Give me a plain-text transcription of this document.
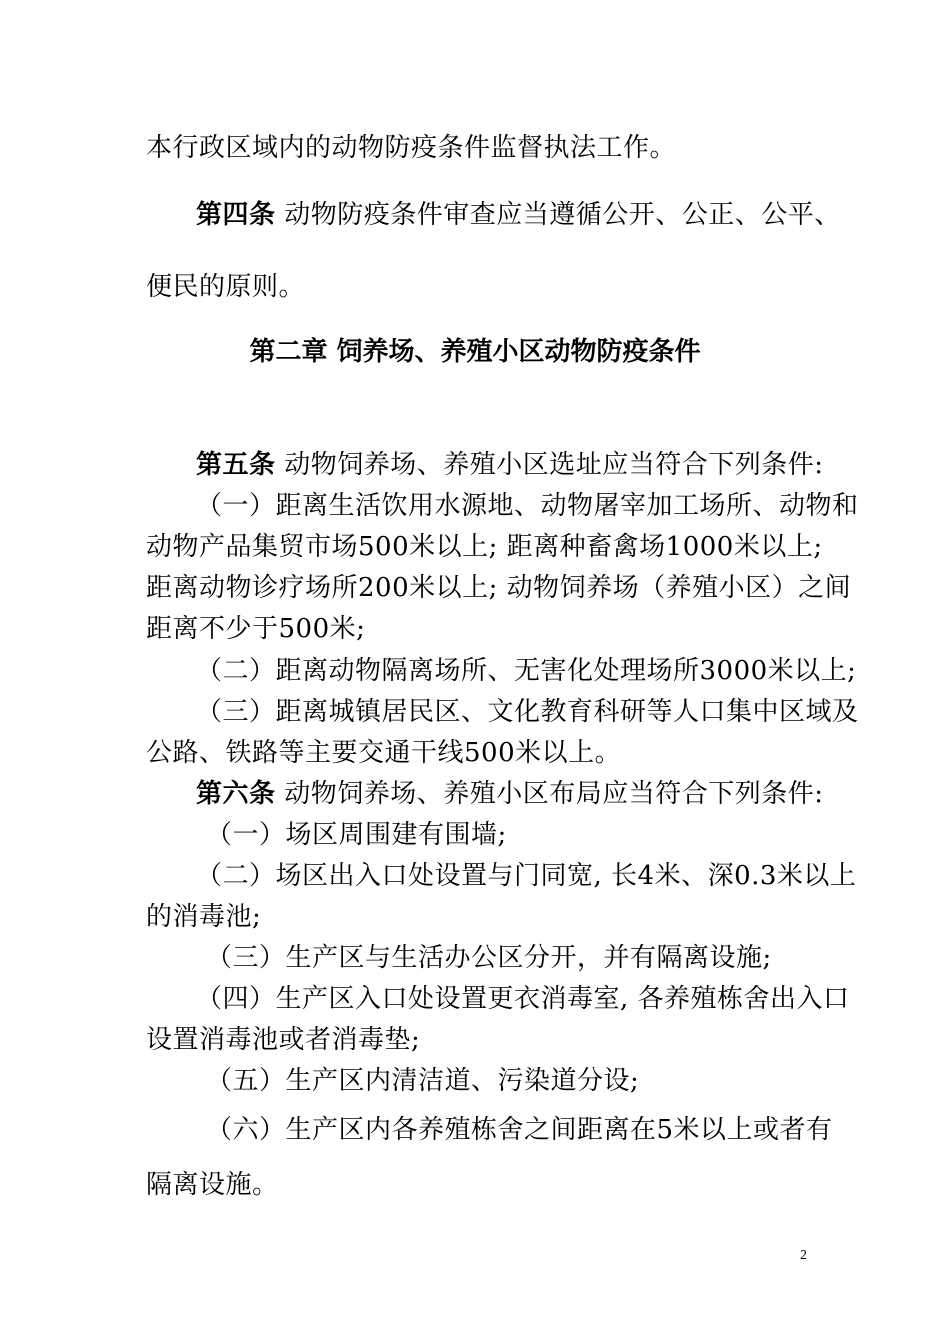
本行政区域内的动物防疫条件监督执法工作。
第四条 动物防疫条件审查应当遵循公开、公正、公平、
便民的原则。
第二章 饲养场、养殖小区动物防疫条件
第五条 动物饲养场、养殖小区选址应当符合下列条件:
（一）距离生活饮用水源地、动物屠宰加工场所、动物和
动物产品集贸市场500米以上; 距离种畜禽场1000米以上;
距离动物诊疗场所200米以上; 动物饲养场（养殖小区）之间
距离不少于500米;
（二）距离动物隔离场所、无害化处理场所3000米以上;
（三）距离城镇居民区、文化教育科研等人口集中区域及
公路、铁路等主要交通干线500米以上。
第六条 动物饲养场、养殖小区布局应当符合下列条件:
（一）场区周围建有围墙;
（二）场区出入口处设置与门同宽, 长4米、深0.3米以上
的消毒池;
（三）生产区与生活办公区分开，并有隔离设施;
（四）生产区入口处设置更衣消毒室, 各养殖栋舍出入口
设置消毒池或者消毒垫;
（五）生产区内清洁道、污染道分设;
（六）生产区内各养殖栋舍之间距离在5米以上或者有
隔离设施。
2
